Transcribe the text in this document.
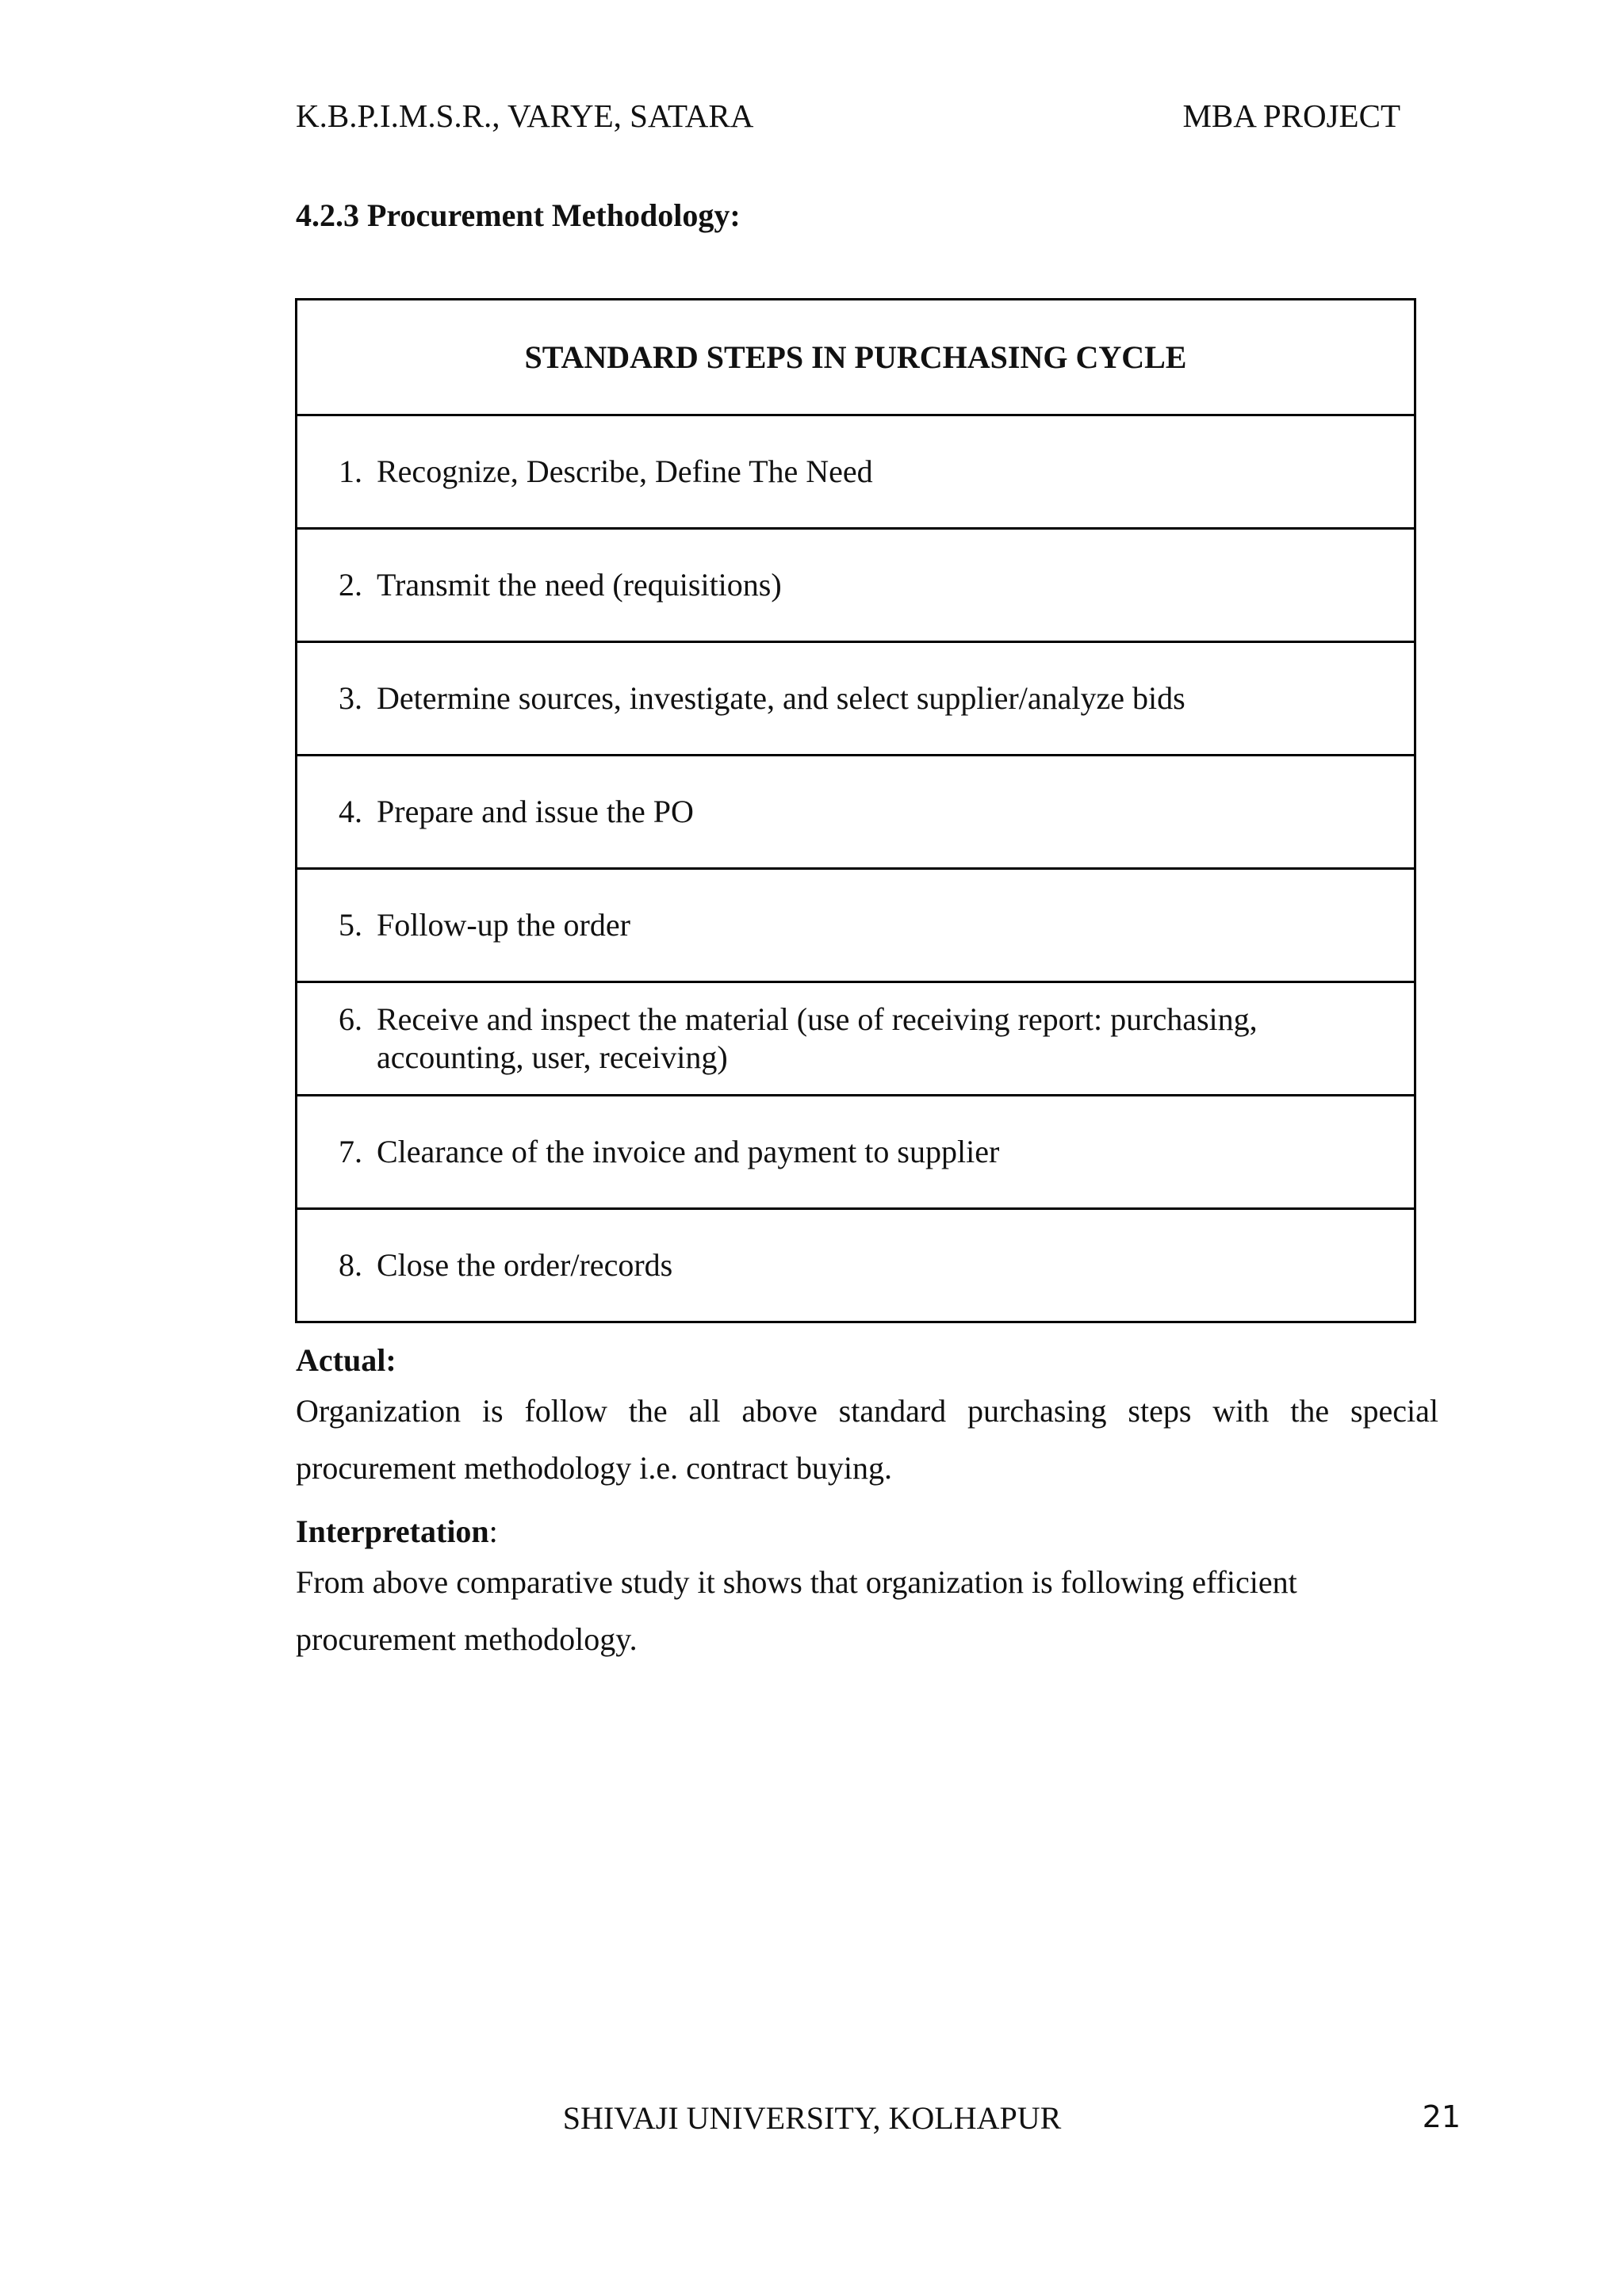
K.B.P.I.M.S.R., VARYE, SATARA	MBA PROJECT
4.2.3 Procurement Methodology:
STANDARD STEPS IN PURCHASING CYCLE

1. Recognize, Describe, Define The Need

2. Transmit the need (requisitions)

3. Determine sources, investigate, and select supplier/analyze bids

4. Prepare and issue the PO

5. Follow-up the order

6. Receive and inspect the material (use of receiving report: purchasing, accounting, user, receiving)

7. Clearance of the invoice and payment to supplier

8. Close the order/records
Actual:
Organization is follow the all above standard purchasing steps with the special procurement methodology i.e. contract buying.
Interpretation:
From above comparative study it shows that organization is following efficient procurement methodology.
SHIVAJI UNIVERSITY, KOLHAPUR	21
